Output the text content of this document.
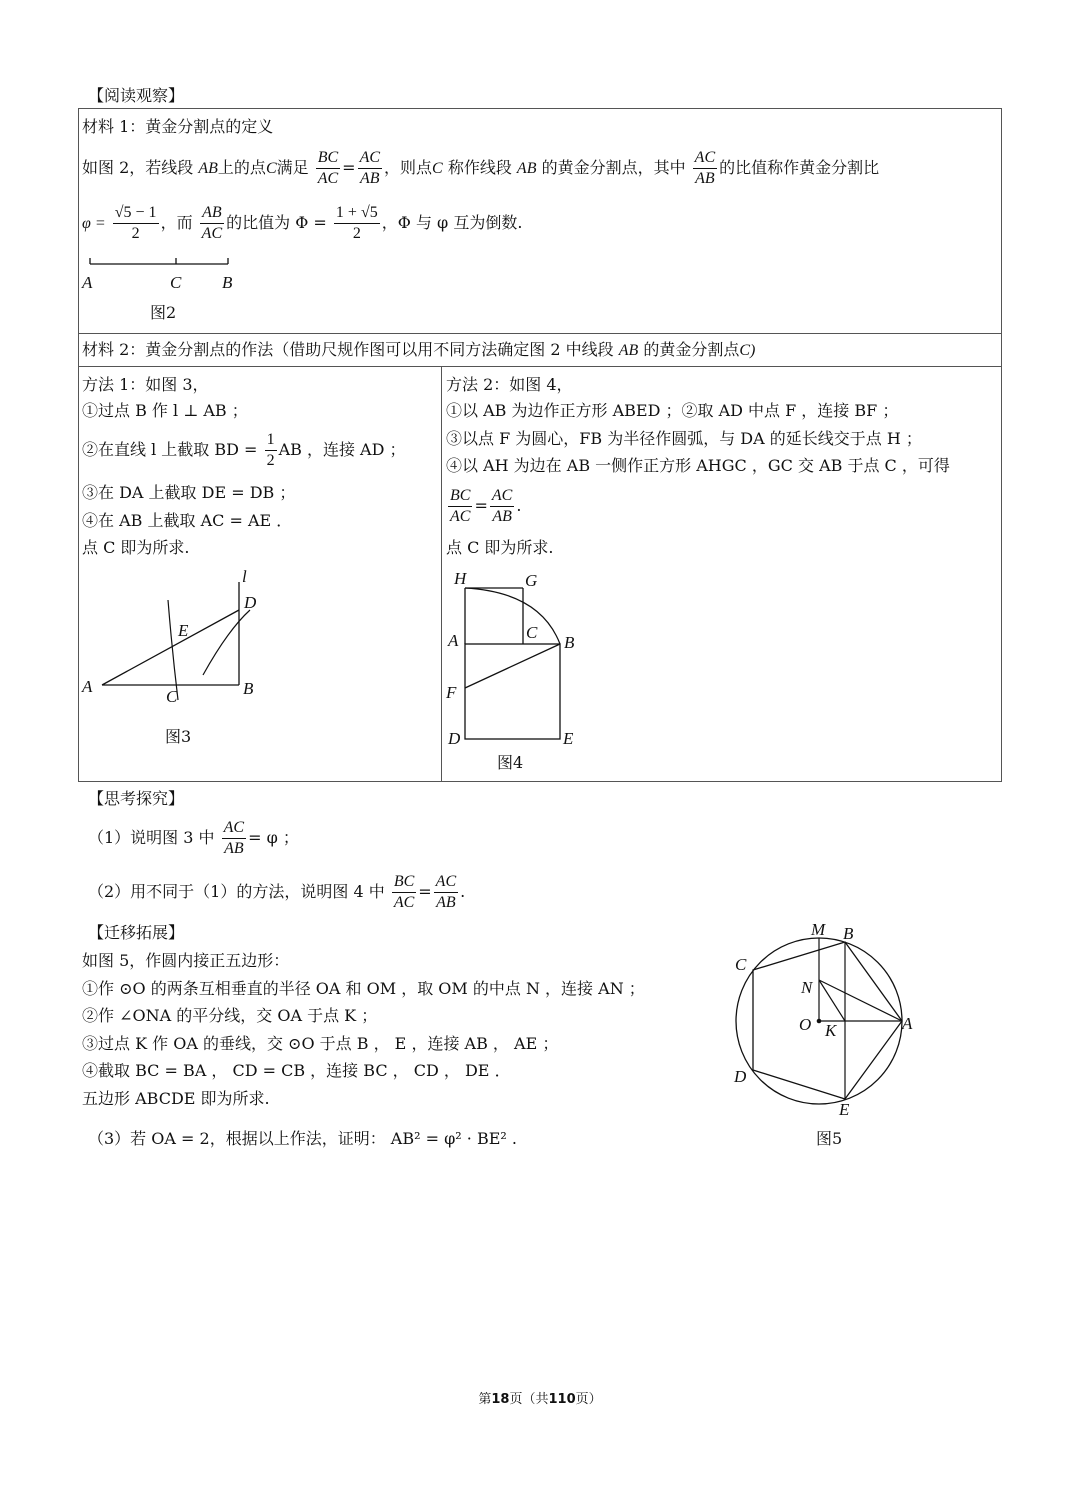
【阅读观察】
材料 1：黄金分割点的定义
如图 2，若线段 AB上的点C满足 $\frac{BC}{AC} = \frac{AC}{AB}$ ，则点C 称作线段 AB 的黄金分割点，其中 $\frac{AC}{AB}$ 的比值称作黄金分割比
$\varphi = \frac{√5 - 1}{2}$ ，而 $\frac{AB}{AC}$ 的比值为 $\Phi = \frac{1 + √5}{2}$ ，Φ 与 φ 互为倒数.
A	C B
图2
材料 2：黄金分割点的作法（借助尺规作图可以用不同方法确定图 2 中线段 AB 的黄金分割点C)
方法 1：如图 3，
①过点 B 作 l ⊥ AB ；
②在直线 l 上截取 BD = $\frac{1}{2}$ AB ，连接 AD ；
③在 DA 上截取 DE = DB ；
④在 AB 上截取 AC = AE ．
点 C 即为所求.
l
D
E
A
C	B
图3
方法 2：如图 4，
①以 AB 为边作正方形 ABED ；②取 AD 中点 F ，连接 BF ；
③以点 F 为圆心，FB 为半径作圆弧，与 DA 的延长线交于点 H ；
④以 AH 为边在 AB 一侧作正方形 AHGC ，GC 交 AB 于点 C ，可得
$\frac{BC}{AC} = \frac{AC}{AB}$ .
点 C 即为所求.
H	G
A	C
B
F
D	E
图4
【思考探究】
（1）说明图 3 中 $\frac{AC}{AB} = \varphi$ ；
（2）用不同于（1）的方法，说明图 4 中 $\frac{BC}{AC} = \frac{AC}{AB}$ .
【迁移拓展】
如图 5，作圆内接正五边形：
①作 ⊙O 的两条互相垂直的半径 OA 和 OM ，取 OM 的中点 N ，连接 AN ；
②作 ∠ONA 的平分线，交 OA 于点 K ；
③过点 K 作 OA 的垂线，交 ⊙O 于点 B ， E ，连接 AB ， AE ；
④截取 BC = BA ， CD = CB ，连接 BC ， CD ， DE ．
五边形 ABCDE 即为所求.
（3）若 OA = 2，根据以上作法，证明： AB² = φ² · BE² .
M B
C
N
O K	A
D
E
图5
第18页（共110页）
